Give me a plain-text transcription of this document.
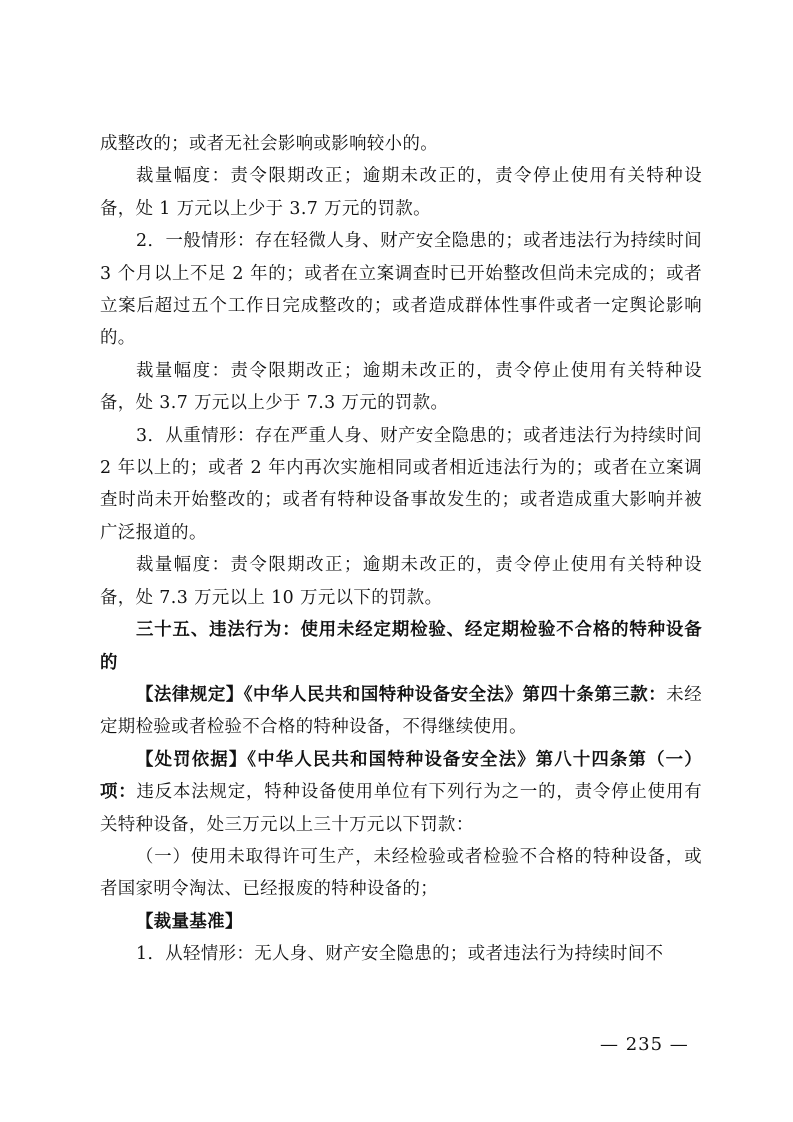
成整改的；或者无社会影响或影响较小的。

裁量幅度：责令限期改正；逾期未改正的，责令停止使用有关特种设备，处 1 万元以上少于 3.7 万元的罚款。

2．一般情形：存在轻微人身、财产安全隐患的；或者违法行为持续时间 3 个月以上不足 2 年的；或者在立案调查时已开始整改但尚未完成的；或者立案后超过五个工作日完成整改的；或者造成群体性事件或者一定舆论影响的。

裁量幅度：责令限期改正；逾期未改正的，责令停止使用有关特种设备，处 3.7 万元以上少于 7.3 万元的罚款。

3．从重情形：存在严重人身、财产安全隐患的；或者违法行为持续时间 2 年以上的；或者 2 年内再次实施相同或者相近违法行为的；或者在立案调查时尚未开始整改的；或者有特种设备事故发生的；或者造成重大影响并被广泛报道的。

裁量幅度：责令限期改正；逾期未改正的，责令停止使用有关特种设备，处 7.3 万元以上 10 万元以下的罚款。

三十五、违法行为：使用未经定期检验、经定期检验不合格的特种设备的

【法律规定】《中华人民共和国特种设备安全法》第四十条第三款：未经定期检验或者检验不合格的特种设备，不得继续使用。

【处罚依据】《中华人民共和国特种设备安全法》第八十四条第（一）项：违反本法规定，特种设备使用单位有下列行为之一的，责令停止使用有关特种设备，处三万元以上三十万元以下罚款：

（一）使用未取得许可生产，未经检验或者检验不合格的特种设备，或者国家明令淘汰、已经报废的特种设备的；

【裁量基准】

1．从轻情形：无人身、财产安全隐患的；或者违法行为持续时间不

— 235 —
